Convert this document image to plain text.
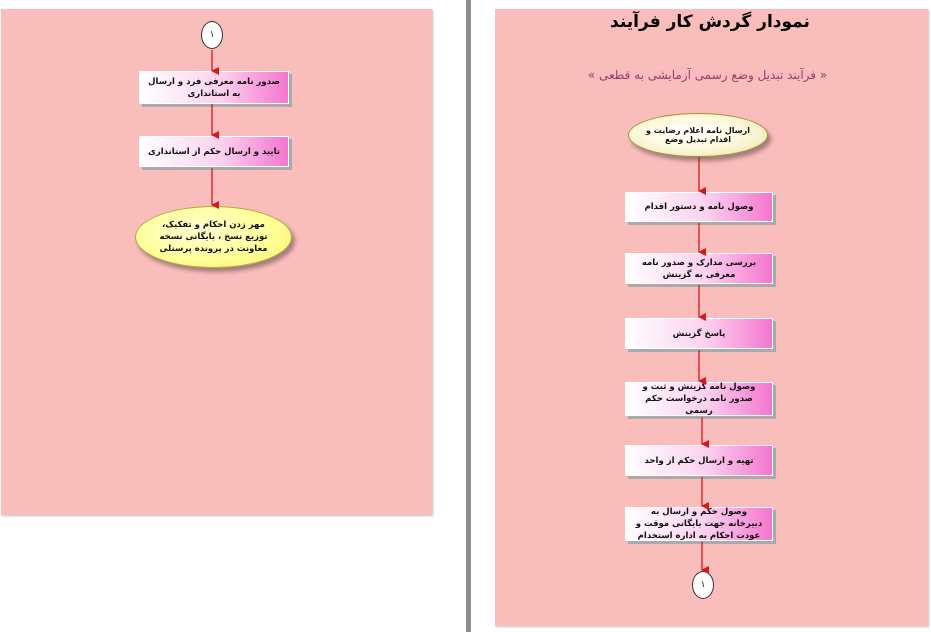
١
صدور نامه معرفی فرد و ارسال به استانداری
تایید و ارسال حکم از استانداری
مهر زدن احکام و تفکیک، توزیع نسخ ، بایگانی نسخه معاونت در پرونده پرسنلی
نمودار گردش کار فرآیند
« فرآیند تبدیل وضع رسمی آزمایشی به قطعی »
ارسال نامه اعلام رضایت و اقدام تبدیل وضع
وصول نامه و دستور اقدام
بررسی مدارک و صدور نامه معرفی به گزینش
پاسخ گزینش
وصول نامه گزینش و ثبت و صدور نامه درخواست حکم رسمی
تهیه و ارسال حکم از واحد
وصول حکم و ارسال به دبیرخانه جهت بایگانی موقت و عودت احکام به اداره استخدام
١
